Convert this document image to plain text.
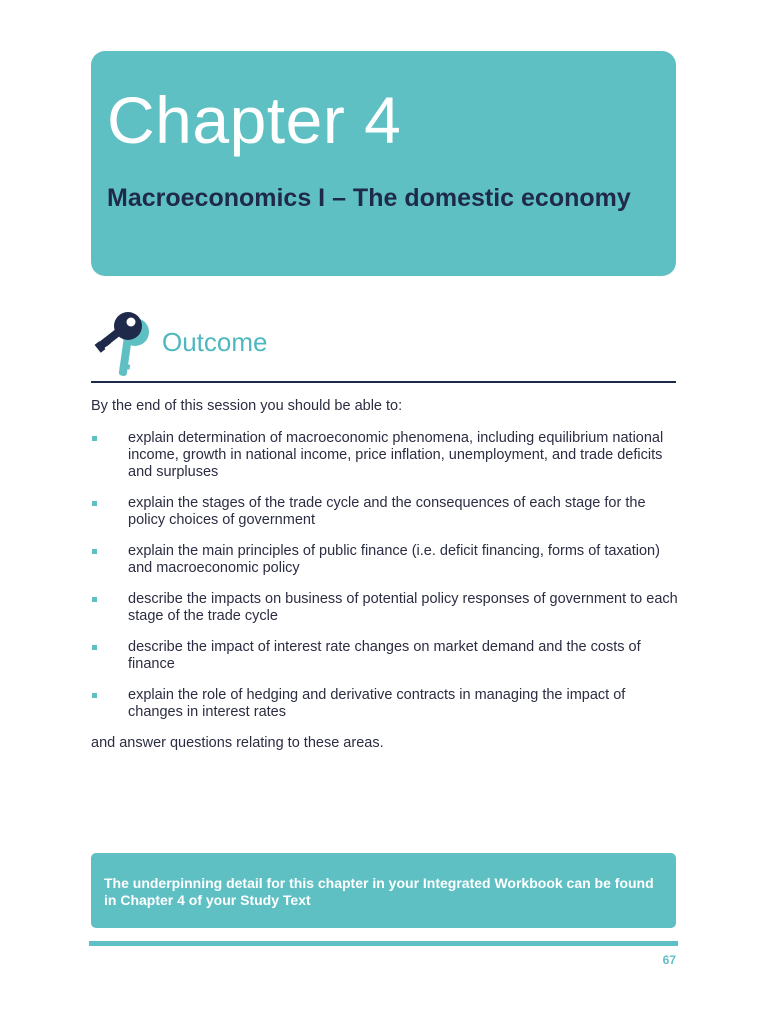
Chapter 4
Macroeconomics I – The domestic economy
Outcome

By the end of this session you should be able to:

explain determination of macroeconomic phenomena, including equilibrium national income, growth in national income, price inflation, unemployment, and trade deficits and surpluses
explain the stages of the trade cycle and the consequences of each stage for the policy choices of government
explain the main principles of public finance (i.e. deficit financing, forms of taxation) and macroeconomic policy
describe the impacts on business of potential policy responses of government to each stage of the trade cycle
describe the impact of interest rate changes on market demand and the costs of finance
explain the role of hedging and derivative contracts in managing the impact of changes in interest rates

and answer questions relating to these areas.

The underpinning detail for this chapter in your Integrated Workbook can be found in Chapter 4 of your Study Text

67
